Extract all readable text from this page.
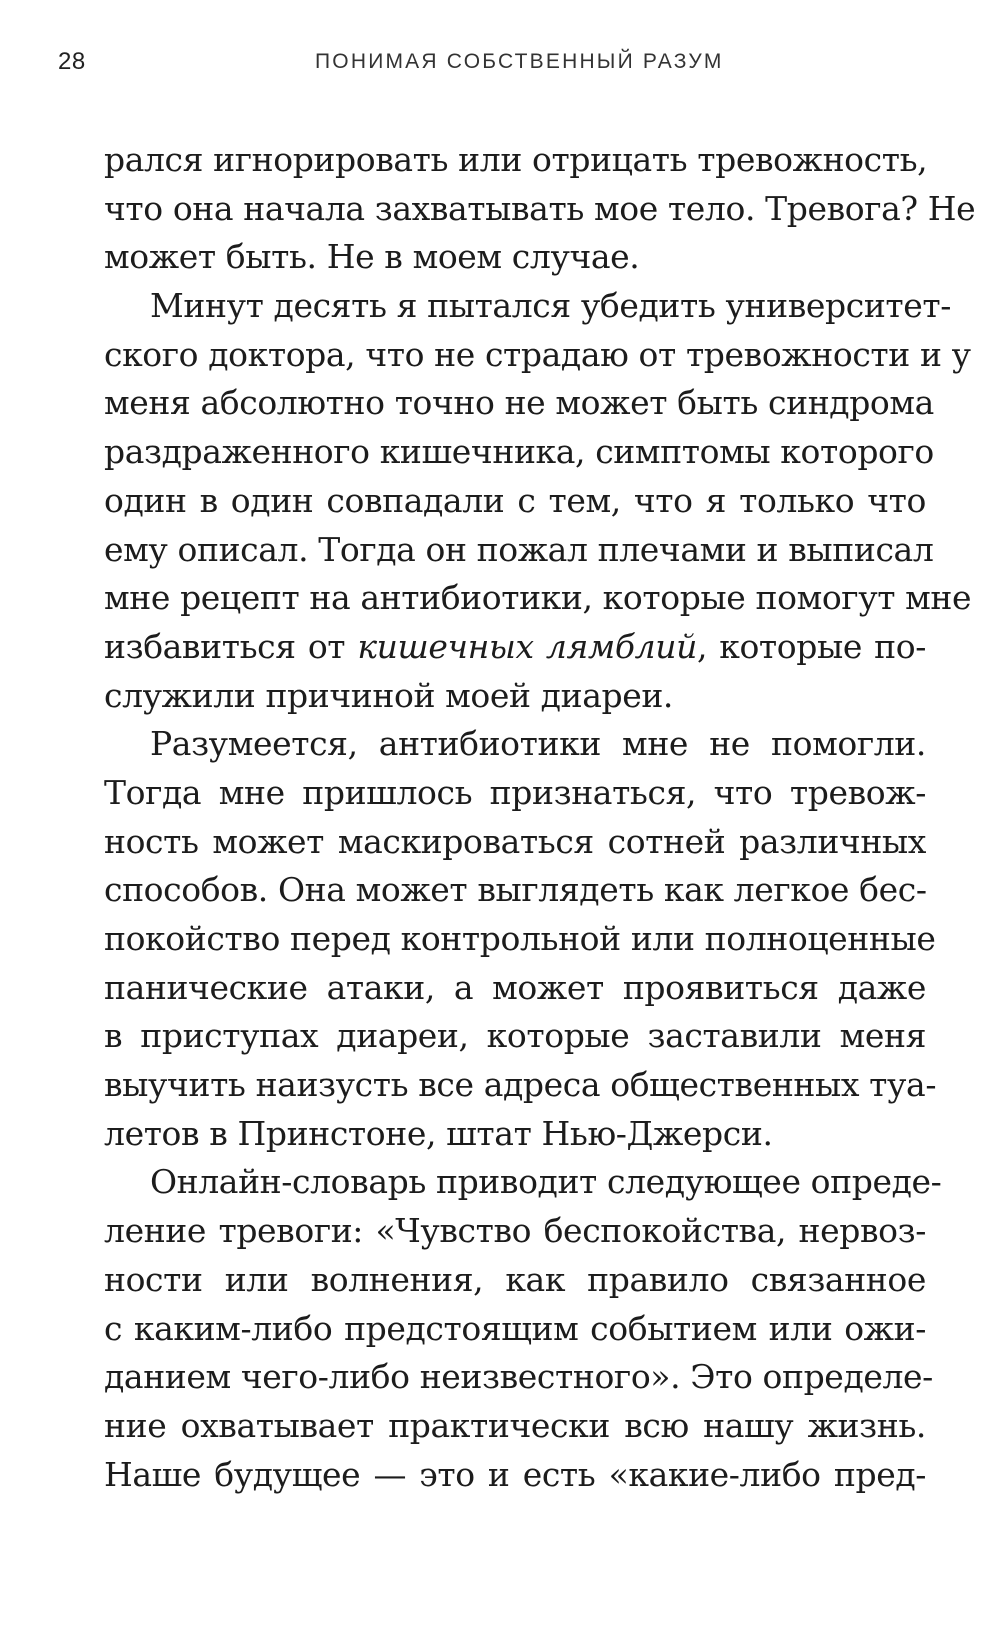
28	ПОНИМАЯ СОБСТВЕННЫЙ РАЗУМ
рался игнорировать или отрицать тревожность,
что она начала захватывать мое тело. Тревога? Не
может быть. Не в моем случае.
Минут десять я пытался убедить университет-
ского доктора, что не страдаю от тревожности и у
меня абсолютно точно не может быть синдрома
раздраженного кишечника, симптомы которого
один в один совпадали с тем, что я только что
ему описал. Тогда он пожал плечами и выписал
мне рецепт на антибиотики, которые помогут мне
избавиться от кишечных лямблий, которые по-
служили причиной моей диареи.
Разумеется, антибиотики мне не помогли.
Тогда мне пришлось признаться, что тревож-
ность может маскироваться сотней различных
способов. Она может выглядеть как легкое бес-
покойство перед контрольной или полноценные
панические атаки, а может проявиться даже
в приступах диареи, которые заставили меня
выучить наизусть все адреса общественных туа-
летов в Принстоне, штат Нью-Джерси.
Онлайн-словарь приводит следующее опреде-
ление тревоги: «Чувство беспокойства, нервоз-
ности или волнения, как правило связанное
с каким-либо предстоящим событием или ожи-
данием чего-либо неизвестного». Это определе-
ние охватывает практически всю нашу жизнь.
Наше будущее — это и есть «какие-либо пред-
